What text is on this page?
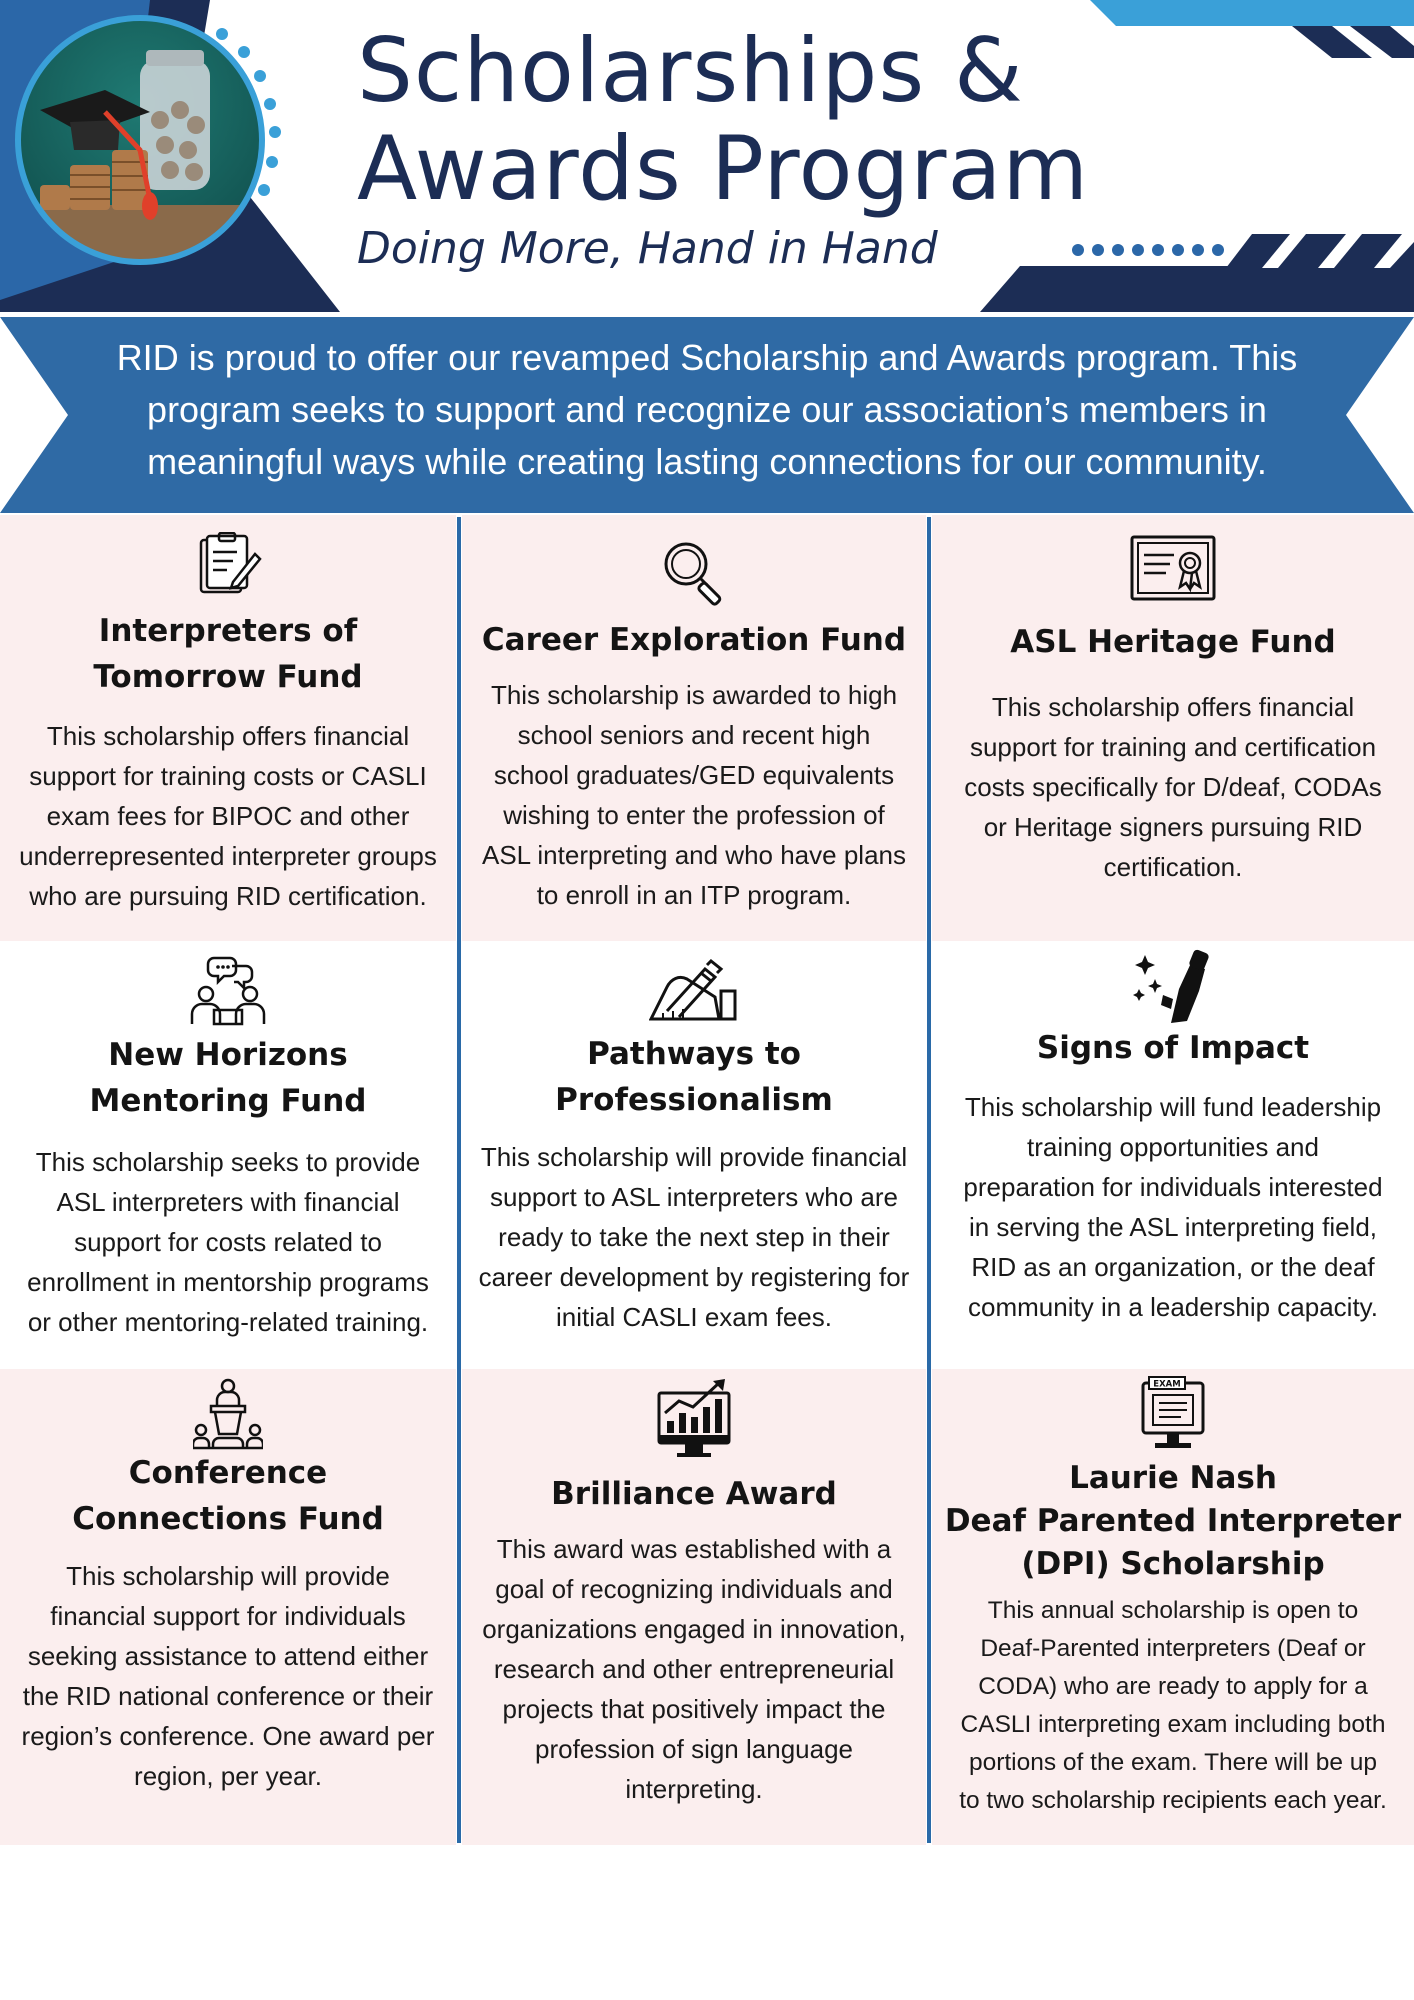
Scholarships &
Awards Program

Doing More, Hand in Hand

RID is proud to offer our revamped Scholarship and Awards program. This program seeks to support and recognize our association’s members in meaningful ways while creating lasting connections for our community.

Interpreters of
Tomorrow Fund
This scholarship offers financial
support for training costs or CASLI
exam fees for BIPOC and other
underrepresented interpreter groups
who are pursuing RID certification.
Career Exploration Fund
This scholarship is awarded to high
school seniors and recent high
school graduates/GED equivalents
wishing to enter the profession of
ASL interpreting and who have plans
to enroll in an ITP program.
ASL Heritage Fund
This scholarship offers financial
support for training and certification
costs specifically for D/deaf, CODAs
or Heritage signers pursuing RID
certification.
New Horizons
Mentoring Fund
This scholarship seeks to provide
ASL interpreters with financial
support for costs related to
enrollment in mentorship programs
or other mentoring-related training.
Pathways to
Professionalism
This scholarship will provide financial
support to ASL interpreters who are
ready to take the next step in their
career development by registering for
initial CASLI exam fees.
Signs of Impact
This scholarship will fund leadership
training opportunities and
preparation for individuals interested
in serving the ASL interpreting field,
RID as an organization, or the deaf
community in a leadership capacity.
Conference
Connections Fund
This scholarship will provide
financial support for individuals
seeking assistance to attend either
the RID national conference or their
region’s conference. One award per
region, per year.
Brilliance Award
This award was established with a
goal of recognizing individuals and
organizations engaged in innovation,
research and other entrepreneurial
projects that positively impact the
profession of sign language
interpreting.
EXAM
Laurie Nash
Deaf Parented Interpreter
(DPI) Scholarship
This annual scholarship is open to
Deaf-Parented interpreters (Deaf or
CODA) who are ready to apply for a
CASLI interpreting exam including both
portions of the exam. There will be up
to two scholarship recipients each year.
